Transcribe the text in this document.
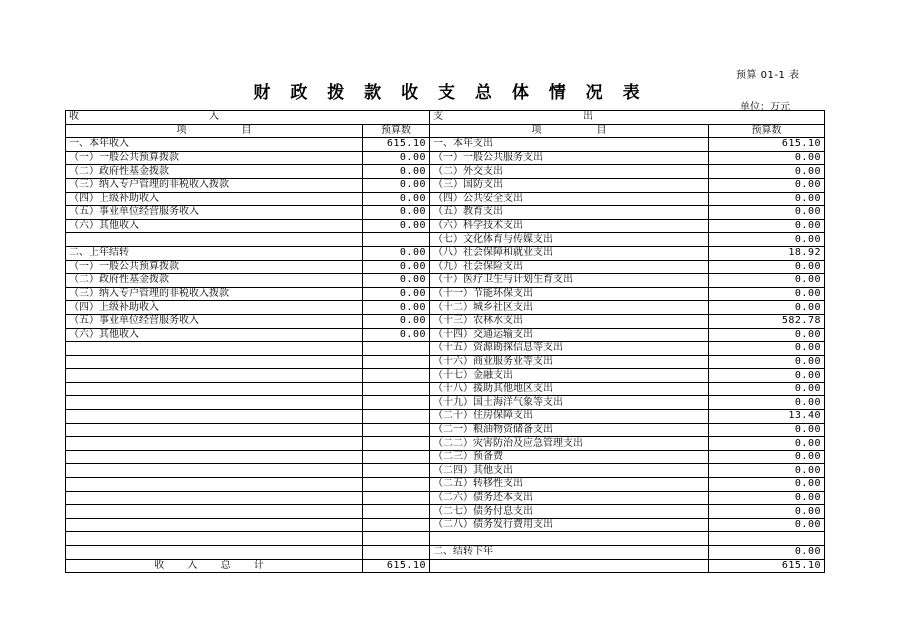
预算 01-1 表
财 政 拨 款 收 支 总 体 情 况 表
单位：万元
收 入		支 出	
项 目	预算数	项 目	预算数
一、本年收入	615.10	一、本年支出	615.10
（一）一般公共预算拨款	0.00	（一）一般公共服务支出	0.00
（二）政府性基金拨款	0.00	（二）外交支出	0.00
（三）纳入专户管理的非税收入拨款	0.00	（三）国防支出	0.00
（四）上级补助收入	0.00	（四）公共安全支出	0.00
（五）事业单位经营服务收入	0.00	（五）教育支出	0.00
（六）其他收入	0.00	（六）科学技术支出	0.00
		（七）文化体育与传媒支出	0.00
二、上年结转	0.00	（八）社会保障和就业支出	18.92
（一）一般公共预算拨款	0.00	（九）社会保险支出	0.00
（二）政府性基金拨款	0.00	（十）医疗卫生与计划生育支出	0.00
（三）纳入专户管理的非税收入拨款	0.00	（十一）节能环保支出	0.00
（四）上级补助收入	0.00	（十二）城乡社区支出	0.00
（五）事业单位经营服务收入	0.00	（十三）农林水支出	582.78
（六）其他收入	0.00	（十四）交通运输支出	0.00
		（十五）资源勘探信息等支出	0.00
		（十六）商业服务业等支出	0.00
		（十七）金融支出	0.00
		（十八）援助其他地区支出	0.00
		（十九）国土海洋气象等支出	0.00
		（二十）住房保障支出	13.40
		（二一）粮油物资储备支出	0.00
		（二二）灾害防治及应急管理支出	0.00
		（二三）预备费	0.00
		（二四）其他支出	0.00
		（二五）转移性支出	0.00
		（二六）债务还本支出	0.00
		（二七）债务付息支出	0.00
		（二八）债务发行费用支出	0.00

		二、结转下年	0.00
收 入 总 计	615.10		615.10
